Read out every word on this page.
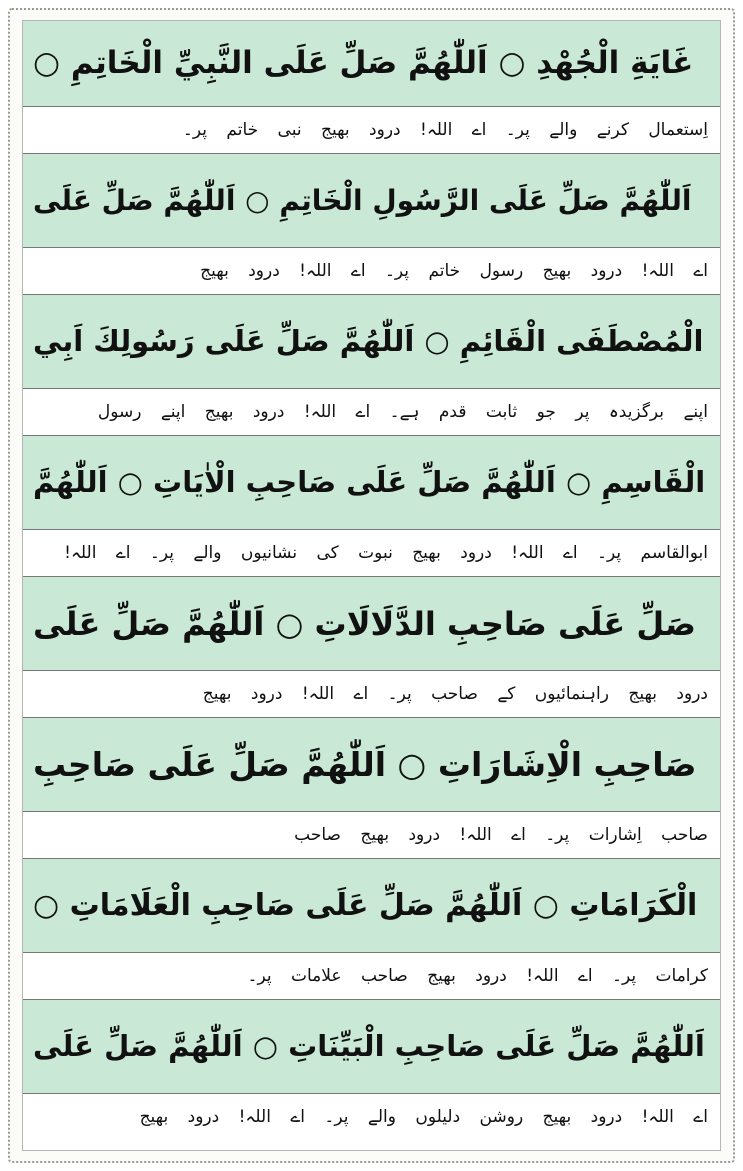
غَايَةِ الْجُهْدِ ○ اَللّٰهُمَّ صَلِّ عَلَى النَّبِيِّ الْخَاتِمِ ○
اِستعمال کرنے والے پر۔ اے اللہ! درود بھیج نبی خاتم پر۔
اَللّٰهُمَّ صَلِّ عَلَى الرَّسُولِ الْخَاتِمِ ○ اَللّٰهُمَّ صَلِّ عَلَى
اے اللہ! درود بھیج رسول خاتم پر۔ اے اللہ! درود بھیج
الْمُصْطَفَى الْقَائِمِ ○ اَللّٰهُمَّ صَلِّ عَلَى رَسُولِكَ اَبِي
اپنے برگزیدہ پر جو ثابت قدم ہے۔ اے اللہ! درود بھیج اپنے رسول
الْقَاسِمِ ○ اَللّٰهُمَّ صَلِّ عَلَى صَاحِبِ الْاٰيَاتِ ○ اَللّٰهُمَّ
ابوالقاسم پر۔ اے اللہ! درود بھیج نبوت کی نشانیوں والے پر۔ اے اللہ!
صَلِّ عَلَى صَاحِبِ الدَّلَالَاتِ ○ اَللّٰهُمَّ صَلِّ عَلَى
درود بھیج راہنمائیوں کے صاحب پر۔ اے اللہ! درود بھیج
صَاحِبِ الْاِشَارَاتِ ○ اَللّٰهُمَّ صَلِّ عَلَى صَاحِبِ
صاحب اِشارات پر۔ اے اللہ! درود بھیج صاحب
الْكَرَامَاتِ ○ اَللّٰهُمَّ صَلِّ عَلَى صَاحِبِ الْعَلَامَاتِ ○
کرامات پر۔ اے اللہ! درود بھیج صاحب علامات پر۔
اَللّٰهُمَّ صَلِّ عَلَى صَاحِبِ الْبَيِّنَاتِ ○ اَللّٰهُمَّ صَلِّ عَلَى
اے اللہ! درود بھیج روشن دلیلوں والے پر۔ اے اللہ! درود بھیج
